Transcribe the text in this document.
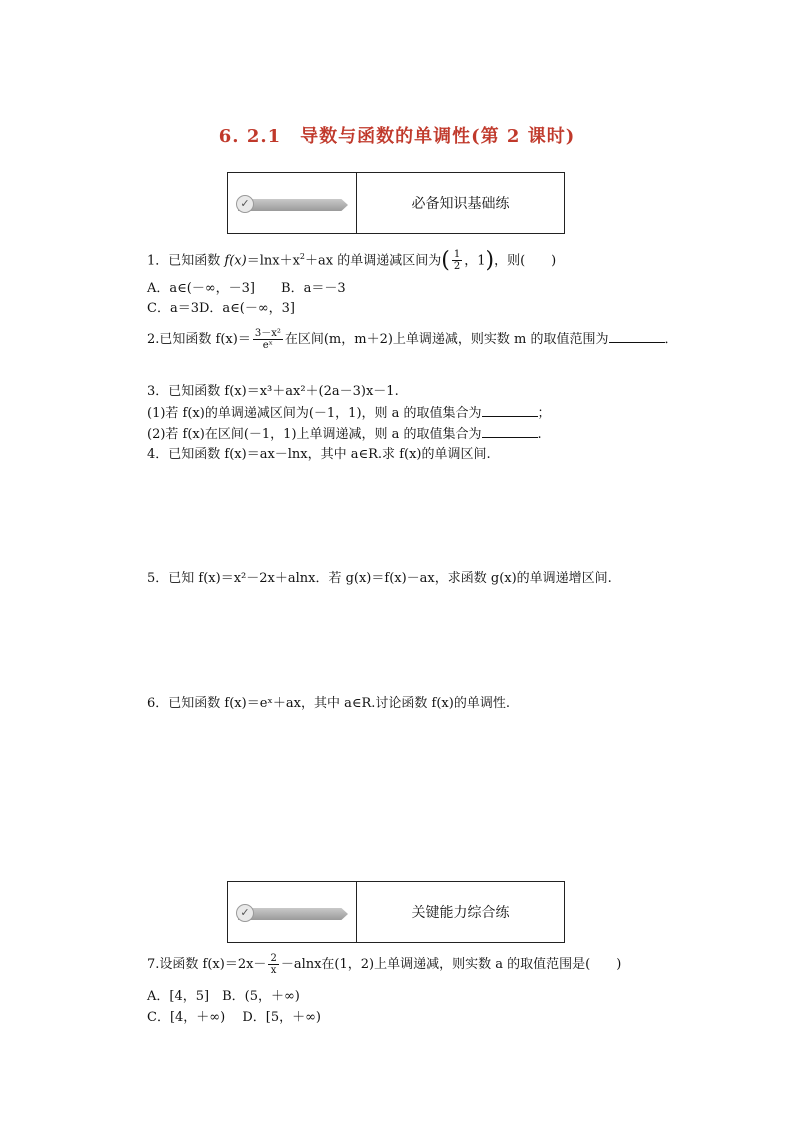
6. 2.1　导数与函数的单调性(第 2 课时)
✓	必备知识基础练
1．已知函数 $f(x)=\ln x+x^2+ax$ 的单调递减区间为( $\frac{1}{2}$ ，1)，则(　　)
A．a∈(－∞，－3]　　 B．a＝－3
C．a＝3D．a∈(－∞，3]
2.已知函数 $f(x)= \frac{\text{3－x²}}{\text{eˣ}}$ 在区间(m，m＋2)上单调递减，则实数 m 的取值范围为	．
3．已知函数 f(x)＝x³＋ax²＋(2a－3)x－1.
(1)若 f(x)的单调递减区间为(－1，1)，则 a 的取值集合为	；
(2)若 f(x)在区间(－1，1)上单调递减，则 a 的取值集合为	.
4．已知函数 f(x)＝ax－lnx，其中 a∈R.求 f(x)的单调区间.
5．已知 f(x)＝x²－2x＋alnx．若 g(x)＝f(x)－ax，求函数 g(x)的单调递增区间.
6．已知函数 f(x)＝eˣ＋ax，其中 a∈R.讨论函数 f(x)的单调性.
✓	关键能力综合练
7.设函数 $f(x)=2x- \frac{2}{x} -alnx$在(1，2)上单调递减，则实数 a 的取值范围是(　　)
A．[4，5]　B．(5，＋∞)
C．[4，＋∞)　 D．[5，＋∞)
